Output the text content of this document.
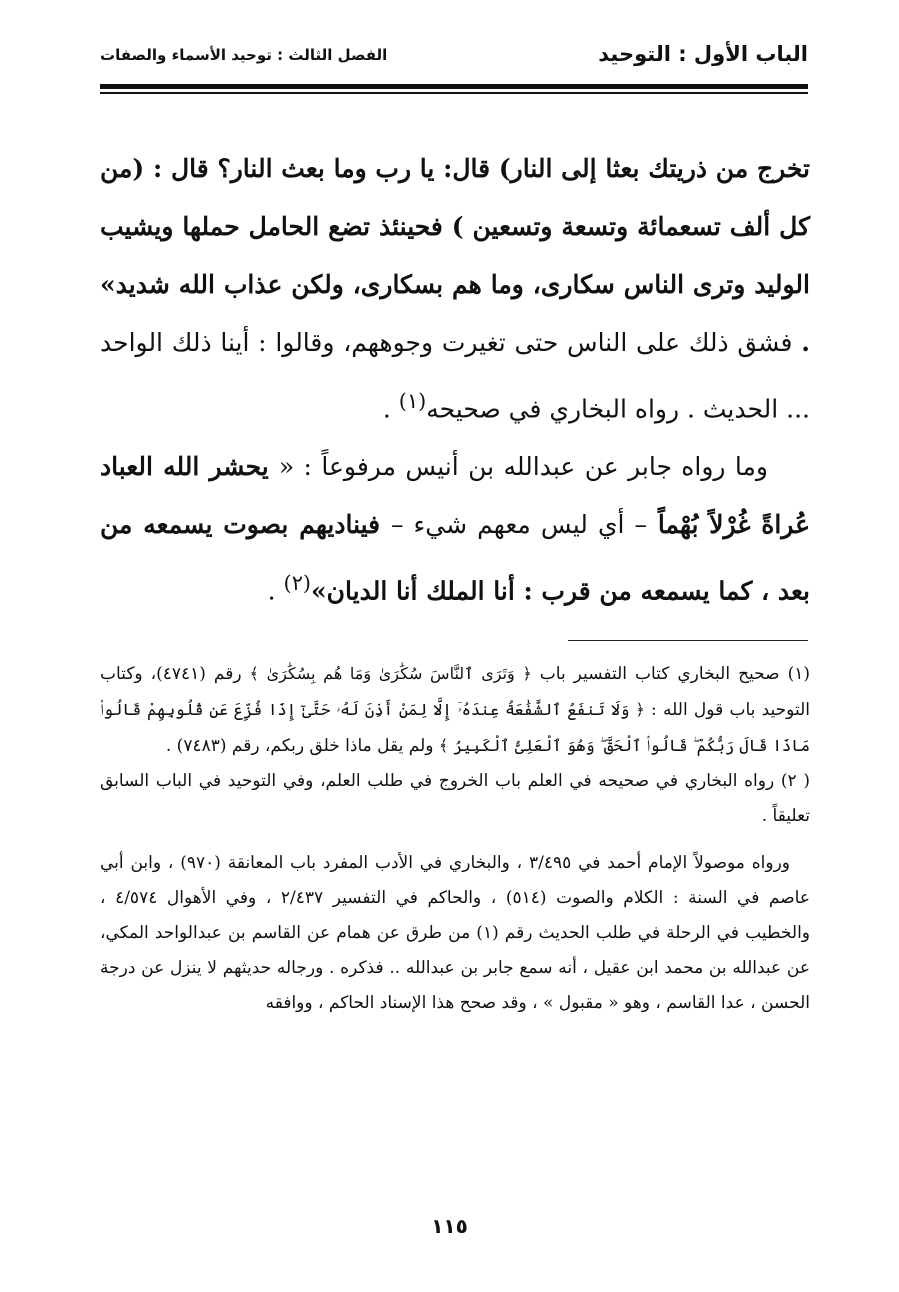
الباب الأول : التوحيد
الفصل الثالث : توحيد الأسماء والصفات

تخرج من ذريتك بعثا إلى النار) قال: يا رب وما بعث النار؟ قال : (من كل ألف تسعمائة وتسعة وتسعين ) فحينئذ تضع الحامل حملها ويشيب الوليد وترى الناس سكارى، وما هم بسكارى، ولكن عذاب الله شديد» . فشق ذلك على الناس حتى تغيرت وجوههم، وقالوا : أينا ذلك الواحد ... الحديث . رواه البخاري في صحيحه$^{(١)}$ .

وما رواه جابر عن عبدالله بن أنيس مرفوعاً : « يحشر الله العباد عُراةً غُرْلاً بُهْماً – أي ليس معهم شيء – فيناديهم بصوت يسمعه من بعد ، كما يسمعه من قرب : أنا الملك أنا الديان»$^{(٢)}$ .

(١) صحيح البخاري كتاب التفسير باب ﴿ وَتَرَى ٱلنَّاسَ سُكَٰرَىٰ وَمَا هُم بِسُكَٰرَىٰ ﴾ رقم (٤٧٤١)، وكتاب التوحيد باب قول الله : ﴿ وَلَا تَنفَعُ ٱلشَّفَٰعَةُ عِندَهُۥٓ إِلَّا لِمَنْ أَذِنَ لَهُۥ حَتَّىٰٓ إِذَا فُزِّعَ عَن قُلُوبِهِمْ قَالُوا۟ مَاذَا قَالَ رَبُّكُمْ ۖ قَالُوا۟ ٱلْحَقَّ ۖ وَهُوَ ٱلْعَلِىُّ ٱلْكَبِيرُ ﴾ ولم يقل ماذا خلق ربكم، رقم (٧٤٨٣) .

( ٢) رواه البخاري في صحيحه في العلم باب الخروج في طلب العلم، وفي التوحيد في الباب السابق تعليقاً .

ورواه موصولاً الإمام أحمد في ٣/٤٩٥ ، والبخاري في الأدب المفرد باب المعانقة (٩٧٠) ، وابن أبي عاصم في السنة : الكلام والصوت (٥١٤) ، والحاكم في التفسير ٢/٤٣٧ ، وفي الأهوال ٤/٥٧٤ ، والخطيب في الرحلة في طلب الحديث رقم (١) من طرق عن همام عن القاسم بن عبدالواحد المكي، عن عبدالله بن محمد ابن عقيل ، أنه سمع جابر بن عبدالله .. فذكره . ورجاله حديثهم لا ينزل عن درجة الحسن ، عدا القاسم ، وهو « مقبول » ، وقد صحح هذا الإسناد الحاكم ، ووافقه

١١٥
